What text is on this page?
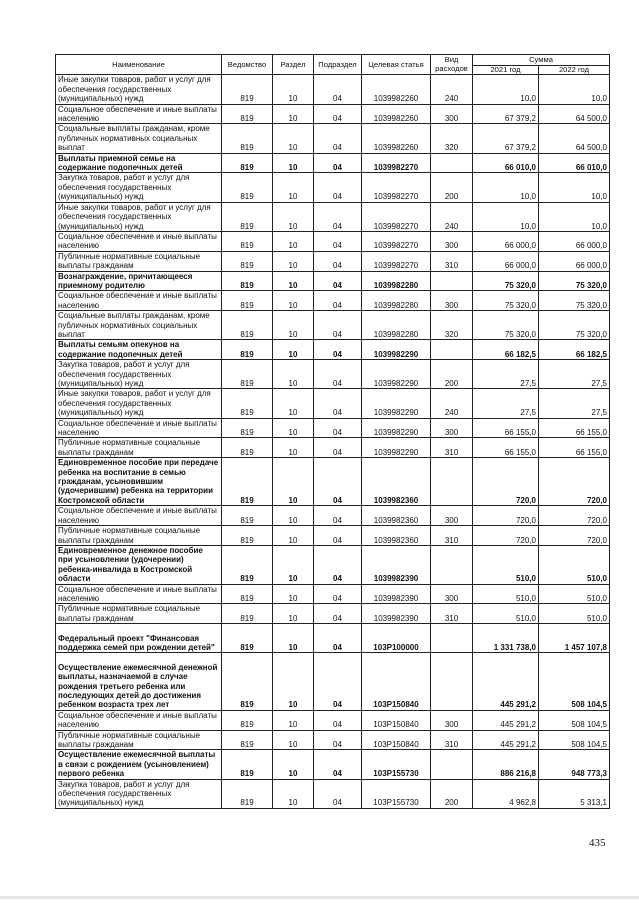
Наименование	Ведомство	Раздел	Подраздел	Целевая статья	Вид расходов	Сумма	
						2021 год	2022 год
Иные закупки товаров, работ и услуг для обеспечения государственных (муниципальных) нужд	819	10	04	1039982260	240	10,0	10,0
Социальное обеспечение и иные выплаты населению	819	10	04	1039982260	300	67 379,2	64 500,0
Социальные выплаты гражданам, кроме публичных нормативных социальных выплат	819	10	04	1039982260	320	67 379,2	64 500,0
Выплаты приемной семье на содержание подопечных детей	819	10	04	1039982270		66 010,0	66 010,0
Закупка товаров, работ и услуг для обеспечения государственных (муниципальных) нужд	819	10	04	1039982270	200	10,0	10,0
Иные закупки товаров, работ и услуг для обеспечения государственных (муниципальных) нужд	819	10	04	1039982270	240	10,0	10,0
Социальное обеспечение и иные выплаты населению	819	10	04	1039982270	300	66 000,0	66 000,0
Публичные нормативные социальные выплаты гражданам	819	10	04	1039982270	310	66 000,0	66 000,0
Вознаграждение, причитающееся приемному родителю	819	10	04	1039982280		75 320,0	75 320,0
Социальное обеспечение и иные выплаты населению	819	10	04	1039982280	300	75 320,0	75 320,0
Социальные выплаты гражданам, кроме публичных нормативных социальных выплат	819	10	04	1039982280	320	75 320,0	75 320,0
Выплаты семьям опекунов на содержание подопечных детей	819	10	04	1039982290		66 182,5	66 182,5
Закупка товаров, работ и услуг для обеспечения государственных (муниципальных) нужд	819	10	04	1039982290	200	27,5	27,5
Иные закупки товаров, работ и услуг для обеспечения государственных (муниципальных) нужд	819	10	04	1039982290	240	27,5	27,5
Социальное обеспечение и иные выплаты населению	819	10	04	1039982290	300	66 155,0	66 155,0
Публичные нормативные социальные выплаты гражданам	819	10	04	1039982290	310	66 155,0	66 155,0
Единовременное пособие при передаче ребенка на воспитание в семью гражданам, усыновившим (удочерившим) ребенка на территории Костромской области	819	10	04	1039982360		720,0	720,0
Социальное обеспечение и иные выплаты населению	819	10	04	1039982360	300	720,0	720,0
Публичные нормативные социальные выплаты гражданам	819	10	04	1039982360	310	720,0	720,0
Единовременное денежное пособие при усыновлении (удочерении) ребенка-инвалида в Костромской области	819	10	04	1039982390		510,0	510,0
Социальное обеспечение и иные выплаты населению	819	10	04	1039982390	300	510,0	510,0
Публичные нормативные социальные выплаты гражданам	819	10	04	1039982390	310	510,0	510,0
Федеральный проект "Финансовая поддержка семей при рождении детей"	819	10	04	103P100000		1 331 738,0	1 457 107,8
Осуществление ежемесячной денежной выплаты, назначаемой в случае рождения третьего ребенка или последующих детей до достижения ребенком возраста трех лет	819	10	04	103P150840		445 291,2	508 104,5
Социальное обеспечение и иные выплаты населению	819	10	04	103P150840	300	445 291,2	508 104,5
Публичные нормативные социальные выплаты гражданам	819	10	04	103P150840	310	445 291,2	508 104,5
Осуществление ежемесячной выплаты в связи с рождением (усыновлением) первого ребенка	819	10	04	103P155730		886 216,8	948 773,3
Закупка товаров, работ и услуг для обеспечения государственных (муниципальных) нужд	819	10	04	103P155730	200	4 962,8	5 313,1
435
